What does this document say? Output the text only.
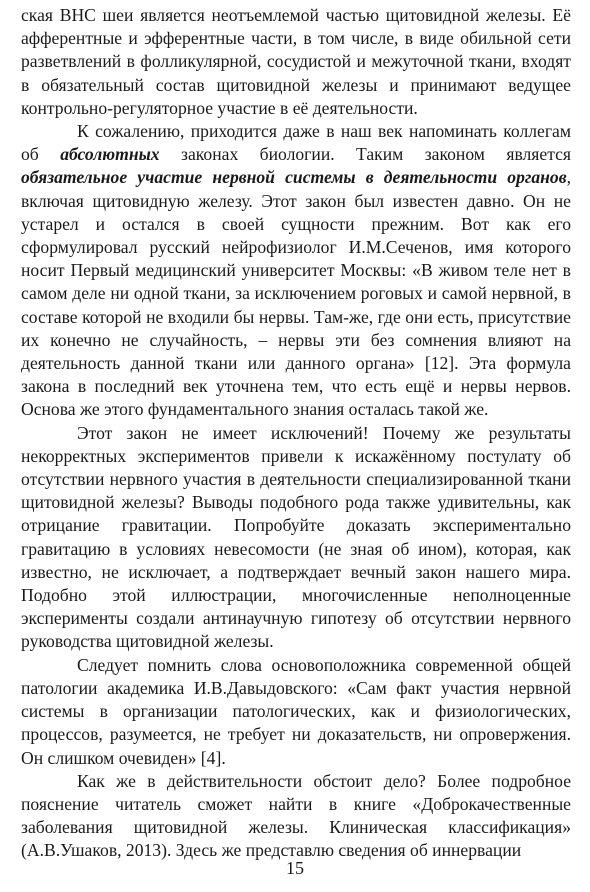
ская ВНС шеи является неотъемлемой частью щитовидной железы. Её афферентные и эфферентные части, в том числе, в виде обильной сети разветвлений в фолликулярной, сосудистой и межуточной ткани, входят в обязательный состав щитовидной железы и принимают ведущее контрольно-регуляторное участие в её деятельности.

К сожалению, приходится даже в наш век напоминать коллегам об абсолютных законах биологии. Таким законом является обязательное участие нервной системы в деятельности органов, включая щитовидную железу. Этот закон был известен давно. Он не устарел и остался в своей сущности прежним. Вот как его сформулировал русский нейрофизиолог И.М.Сеченов, имя которого носит Первый медицинский университет Москвы: «В живом теле нет в самом деле ни одной ткани, за исключением роговых и самой нервной, в составе которой не входили бы нервы. Там-же, где они есть, присутствие их конечно не случайность, – нервы эти без сомнения влияют на деятельность данной ткани или данного органа» [12]. Эта формула закона в последний век уточнена тем, что есть ещё и нервы нервов. Основа же этого фундаментального знания осталась такой же.

Этот закон не имеет исключений! Почему же результаты некорректных экспериментов привели к искажённому постулату об отсутствии нервного участия в деятельности специализированной ткани щитовидной железы? Выводы подобного рода также удивительны, как отрицание гравитации. Попробуйте доказать экспериментально гравитацию в условиях невесомости (не зная об ином), которая, как известно, не исключает, а подтверждает вечный закон нашего мира. Подобно этой иллюстрации, многочисленные неполноценные эксперименты создали антинаучную гипотезу об отсутствии нервного руководства щитовидной железы.

Следует помнить слова основоположника современной общей патологии академика И.В.Давыдовского: «Сам факт участия нервной системы в организации патологических, как и физиологических, процессов, разумеется, не требует ни доказательств, ни опровержения. Он слишком очевиден» [4].

Как же в действительности обстоит дело? Более подробное пояснение читатель сможет найти в книге «Доброкачественные заболевания щитовидной железы. Клиническая классификация» (А.В.Ушаков, 2013). Здесь же представлю сведения об иннервации

15
